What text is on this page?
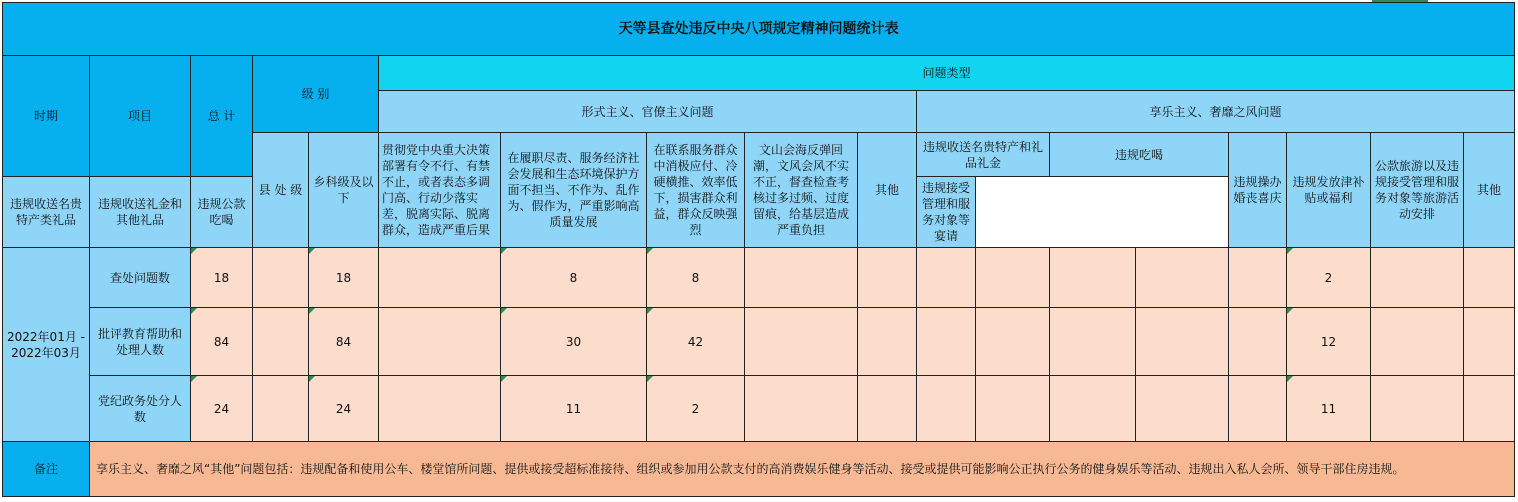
天等县查处违反中央八项规定精神问题统计表																	
时期	项目	总 计	级 别		问题类型												
					形式主义、官僚主义问题					享乐主义、奢靡之风问题							
			县 处 级	乡科级及以下	贯彻党中央重大决策部署有令不行、有禁不止，或者表态多调门高、行动少落实差，脱离实际、脱离群众，造成严重后果	在履职尽责、服务经济社会发展和生态环境保护方面不担当、不作为、乱作为、假作为，严重影响高质量发展	在联系服务群众中消极应付、冷硬横推、效率低下，损害群众利益，群众反映强烈	文山会海反弹回潮，文风会风不实不正，督查检查考核过多过频、过度留痕，给基层造成严重负担	其他	违规收送名贵特产和礼品礼金		违规吃喝		违规操办婚丧喜庆	违规发放津补贴或福利	公款旅游以及违规接受管理和服务对象等旅游活动安排	其他
违规收送名贵特产类礼品	违规收送礼金和其他礼品	违规公款吃喝								违规接受管理和服务对象等宴请							
2022年01月 - 2022年03月	查处问题数	18		18		8	8								2		
	批评教育帮助和处理人数	84		84		30	42								12		
	党纪政务处分人数	24		24		11	2								11		
备注	享乐主义、奢靡之风“其他”问题包括：违规配备和使用公车、楼堂馆所问题、提供或接受超标准接待、组织或参加用公款支付的高消费娱乐健身等活动、接受或提供可能影响公正执行公务的健身娱乐等活动、违规出入私人会所、领导干部住房违规。																
